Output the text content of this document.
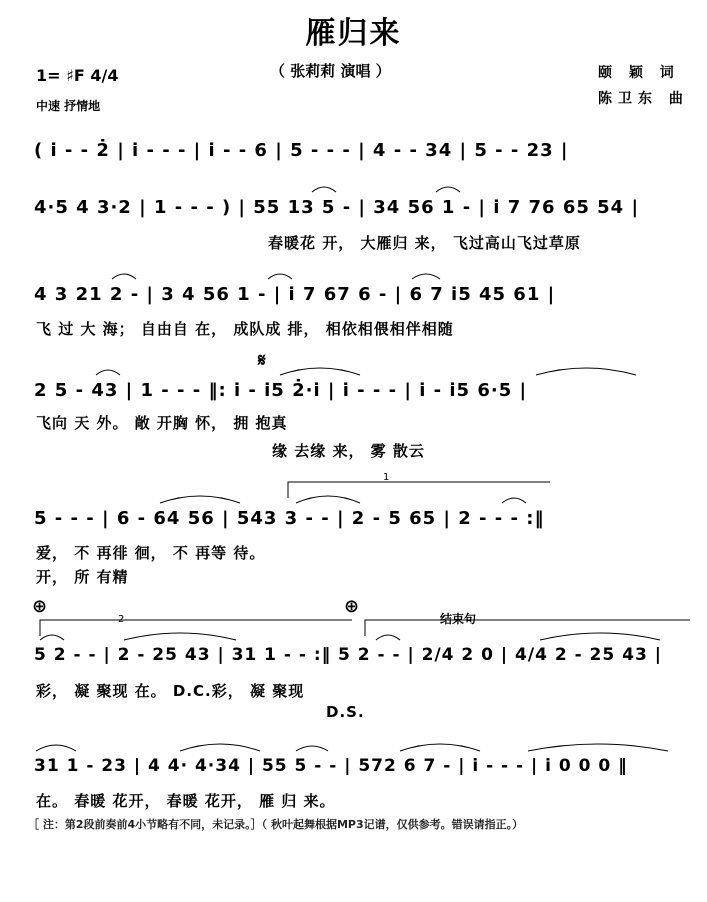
雁归来
（ 张莉莉 演唱 ）
1= ♯F 4/4
中速 抒情地
颐 颖 词
陈卫东 曲
( i̇ - - 2̇ | i̇ - - - | i̇ - - 6 | 5 - - - | 4 - - 34 | 5 - - 23 |
4·5 4 3·2 | 1 - - - ) | 55 13 5 - | 34 56 1 - | i̇ 7 76 65 54 |
春暖花 开， 大雁归 来， 飞过高山飞过草原
4 3 21 2 - | 3 4 56 1 - | i̇ 7 67 6 - | 6 7 i̇5 45 61 |
飞 过 大 海； 自由自 在， 成队成 排， 相依相偎相伴相随
𝄋
2 5 - 43 | 1 - - - ‖: i̇ - i̇5 2̇·i̇ | i̇ - - - | i̇ - i̇5 6·5 |
飞向 天 外。 敞 开胸 怀， 拥 抱真
缘 去缘 来， 雾 散云
1
5 - - - | 6 - 64 56 | 543 3 - - | 2 - 5 65 | 2 - - - :‖
爱， 不 再徘 徊， 不 再等 待。
开， 所 有精
⊕	⊕
2	结束句
5 2 - - | 2 - 25 43 | 31 1 - - :‖ 5 2 - - | 2/4 2 0 | 4/4 2 - 25 43 |
彩， 凝 聚现 在。 D.C.彩， 凝 聚现
D.S.
31 1 - 23 | 4 4· 4·34 | 55 5 - - | 572 6 7 - | i̇ - - - | i̇ 0 0 0 ‖
在。 春暖 花开， 春暖 花开， 雁 归 来。
［ 注：第2段前奏前4小节略有不同，未记录。］（ 秋叶起舞根据MP3记谱，仅供参考。错误请指正。）
